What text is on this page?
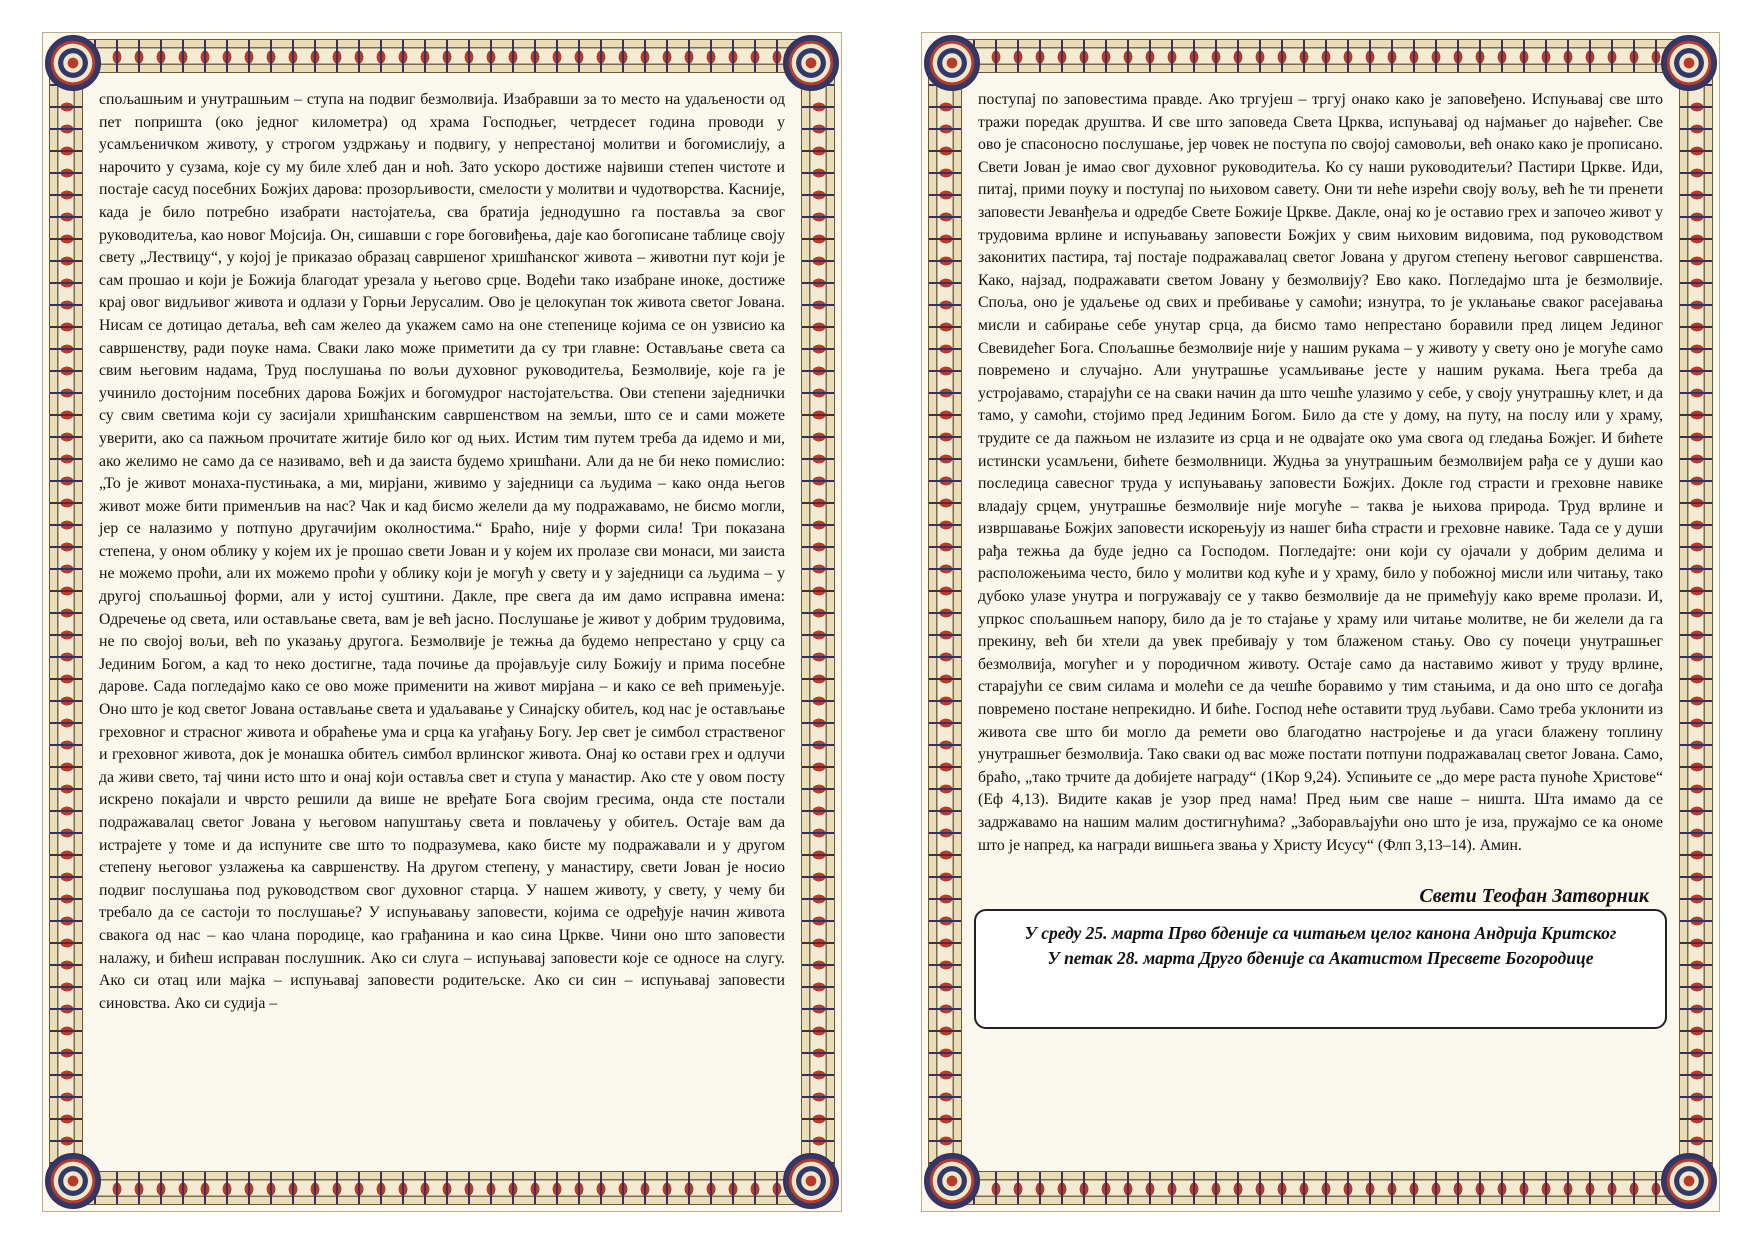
спољашњим и унутрашњим – ступа на подвиг безмолвија. Изабравши за то место на удаљености од пет попришта (око једног километра) од храма Господњег, четрдесет година проводи у усамљеничком животу, у строгом уздржању и подвигу, у непрестаној молитви и богомислију, а нарочито у сузама, које су му биле хлеб дан и ноћ. Зато ускоро достиже највиши степен чистоте и постаје сасуд посебних Божјих дарова: прозорљивости, смелости у молитви и чудотворства. Касније, када је било потребно изабрати настојатеља, сва братија једнодушно га поставља за свог руководитеља, као новог Мојсија. Он, сишавши с горе боговиђења, даје као богописане таблице своју свету „Лествицу“, у којој је приказао образац савршеног хришћанског живота – животни пут који је сам прошао и који је Божија благодат урезала у његово срце. Водећи тако изабране иноке, достиже крај овог видљивог живота и одлази у Горњи Јерусалим. Ово је целокупан ток живота светог Јована. Нисам се дотицао детаља, већ сам желео да укажем само на оне степенице којима се он узвисио ка савршенству, ради поуке нама. Сваки лако може приметити да су три главне: Остављање света са свим његовим надама, Труд послушања по вољи духовног руководитеља, Безмолвије, које га је учинило достојним посебних дарова Божјих и богомудрог настојатељства. Ови степени заједнички су свим светима који су засијали хришћанским савршенством на земљи, што се и сами можете уверити, ако са пажњом прочитате житије било ког од њих. Истим тим путем треба да идемо и ми, ако желимо не само да се називамо, већ и да заиста будемо хришћани. Али да не би неко помислио: „То је живот монаха-пустињака, а ми, мирјани, живимо у заједници са људима – како онда његов живот може бити применљив на нас? Чак и кад бисмо желели да му подражавамо, не бисмо могли, јер се налазимо у потпуно другачијим околностима.“ Браћо, није у форми сила! Три показана степена, у оном облику у којем их је прошао свети Јован и у којем их пролазе сви монаси, ми заиста не можемо проћи, али их можемо проћи у облику који је могућ у свету и у заједници са људима – у другој спољашњој форми, али у истој суштини. Дакле, пре свега да им дамо исправна имена: Одречење од света, или остављање света, вам је већ јасно. Послушање је живот у добрим трудовима, не по својој вољи, већ по указању другога. Безмолвије је тежња да будемо непрестано у срцу са Јединим Богом, а кад то неко достигне, тада почиње да пројављује силу Божију и прима посебне дарове. Сада погледајмо како се ово може применити на живот мирјана – и како се већ примењује. Оно што је код светог Јована остављање света и удаљавање у Синајску обитељ, код нас је остављање греховног и страсног живота и обраћење ума и срца ка угађању Богу. Јер свет је симбол страственог и греховног живота, док је монашка обитељ симбол врлинског живота. Онај ко остави грех и одлучи да живи свето, тај чини исто што и онај који оставља свет и ступа у манастир. Ако сте у овом посту искрено покајали и чврсто решили да више не вређате Бога својим гресима, онда сте постали подражавалац светог Јована у његовом напуштању света и повлачењу у обитељ. Остаје вам да истрајете у томе и да испуните све што то подразумева, како бисте му подражавали и у другом степену његовог узлажења ка савршенству. На другом степену, у манастиру, свети Јован је носио подвиг послушања под руководством свог духовног старца. У нашем животу, у свету, у чему би требало да се састоји то послушање? У испуњавању заповести, којима се одређује начин живота свакога од нас – као члана породице, као грађанина и као сина Цркве. Чини оно што заповести налажу, и бићеш исправан послушник. Ако си слуга – испуњавај заповести које се односе на слугу. Ако си отац или мајка – испуњавај заповести родитељске. Ако си син – испуњавај заповести синовства. Ако си судија –
поступај по заповестима правде. Ако тргујеш – тргуј онако како је заповеђено. Испуњавај све што тражи поредак друштва. И све што заповеда Света Црква, испуњавај од најмањег до највећег. Све ово је спасоносно послушање, јер човек не поступа по својој самовољи, већ онако како је прописано. Свети Јован је имао свог духовног руководитеља. Ко су наши руководитељи? Пастири Цркве. Иди, питај, прими поуку и поступај по њиховом савету. Они ти неће изрећи своју вољу, већ ће ти пренети заповести Јеванђеља и одредбе Свете Божије Цркве. Дакле, онај ко је оставио грех и започео живот у трудовима врлине и испуњавању заповести Божјих у свим њиховим видовима, под руководством законитих пастира, тај постаје подражавалац светог Јована у другом степену његовог савршенства. Како, најзад, подражавати светом Јовану у безмолвију? Ево како. Погледајмо шта је безмолвије. Споља, оно је удаљење од свих и пребивање у самоћи; изнутра, то је уклањање сваког расејавања мисли и сабирање себе унутар срца, да бисмо тамо непрестано боравили пред лицем Јединог Свевидећег Бога. Спољашње безмолвије није у нашим рукама – у животу у свету оно је могуће само повремено и случајно. Али унутрашње усамљивање јесте у нашим рукама. Њега треба да устројавамо, старајући се на сваки начин да што чешће улазимо у себе, у своју унутрашњу клет, и да тамо, у самоћи, стојимо пред Јединим Богом. Било да сте у дому, на путу, на послу или у храму, трудите се да пажњом не излазите из срца и не одвајате око ума свога од гледања Божјег. И бићете истински усамљени, бићете безмолвници. Жудња за унутрашњим безмолвијем рађа се у души као последица савесног труда у испуњавању заповести Божјих. Докле год страсти и греховне навике владају срцем, унутрашње безмолвије није могуће – таква је њихова природа. Труд врлине и извршавање Божјих заповести искорењују из нашег бића страсти и греховне навике. Тада се у души рађа тежња да буде једно са Господом. Погледајте: они који су ојачали у добрим делима и расположењима често, било у молитви код куће и у храму, било у побожној мисли или читању, тако дубоко улазе унутра и погружавају се у такво безмолвије да не примећују како време пролази. И, упркос спољашњем напору, било да је то стајање у храму или читање молитве, не би желели да га прекину, већ би хтели да увек пребивају у том блаженом стању. Ово су почеци унутрашњег безмолвија, могућег и у породичном животу. Остаје само да наставимо живот у труду врлине, старајући се свим силама и молећи се да чешће боравимо у тим стањима, и да оно што се догађа повремено постане непрекидно. И биће. Господ неће оставити труд љубави. Само треба уклонити из живота све што би могло да ремети ово благодатно настројење и да угаси блажену топлину унутрашњег безмолвија. Тако сваки од вас може постати потпуни подражавалац светог Јована. Само, браћо, „тако трчите да добијете награду“ (1Кор 9,24). Успињите се „до мере раста пуноће Христове“ (Еф 4,13). Видите какав је узор пред нама! Пред њим све наше – ништа. Шта имамо да се задржавамо на нашим малим достигнућима? „Заборављајући оно што је иза, пружајмо се ка ономе што је напред, ка награди вишњега звања у Христу Исусу“ (Флп 3,13–14). Амин.
Свети Теофан Затворник

У среду 25. марта Прво бденије са читањем целог канона Андрија Критског

У петак 28. марта Друго бденије са Акатистом Пресвете Богородице
